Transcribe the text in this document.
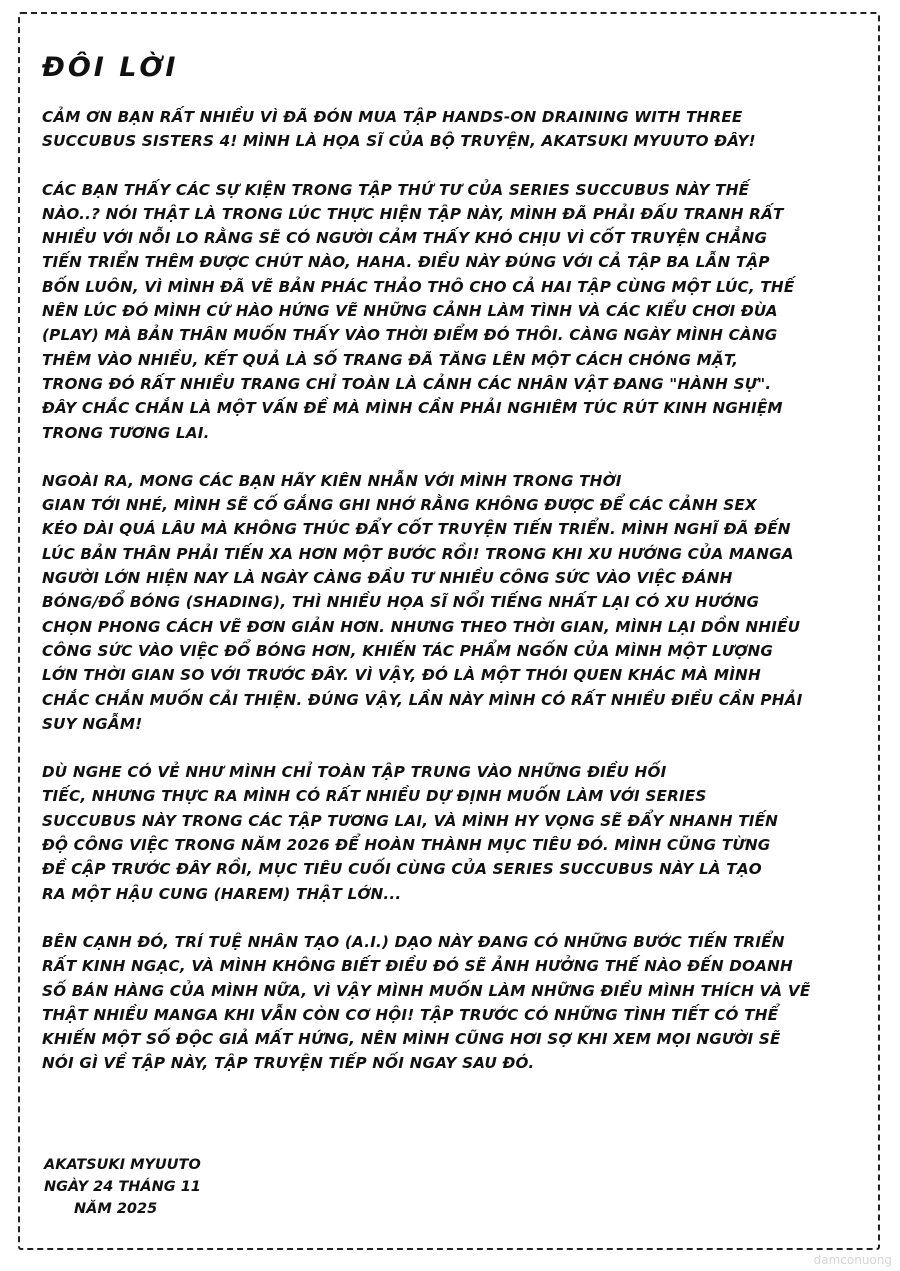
ĐÔI LỜI

CẢM ƠN BẠN RẤT NHIỀU VÌ ĐÃ ĐÓN MUA TẬP HANDS-ON DRAINING WITH THREE
SUCCUBUS SISTERS 4! MÌNH LÀ HỌA SĨ CỦA BỘ TRUYỆN, AKATSUKI MYUUTO ĐÂY!

CÁC BẠN THẤY CÁC SỰ KIỆN TRONG TẬP THỨ TƯ CỦA SERIES SUCCUBUS NÀY THẾ
NÀO..? NÓI THẬT LÀ TRONG LÚC THỰC HIỆN TẬP NÀY, MÌNH ĐÃ PHẢI ĐẤU TRANH RẤT
NHIỀU VỚI NỖI LO RẰNG SẼ CÓ NGƯỜI CẢM THẤY KHÓ CHỊU VÌ CỐT TRUYỆN CHẲNG
TIẾN TRIỂN THÊM ĐƯỢC CHÚT NÀO, HAHA. ĐIỀU NÀY ĐÚNG VỚI CẢ TẬP BA LẪN TẬP
BỐN LUÔN, VÌ MÌNH ĐÃ VẼ BẢN PHÁC THẢO THÔ CHO CẢ HAI TẬP CÙNG MỘT LÚC, THẾ
NÊN LÚC ĐÓ MÌNH CỨ HÀO HỨNG VẼ NHỮNG CẢNH LÀM TÌNH VÀ CÁC KIỂU CHƠI ĐÙA
(PLAY) MÀ BẢN THÂN MUỐN THẤY VÀO THỜI ĐIỂM ĐÓ THÔI. CÀNG NGÀY MÌNH CÀNG
THÊM VÀO NHIỀU, KẾT QUẢ LÀ SỐ TRANG ĐÃ TĂNG LÊN MỘT CÁCH CHÓNG MẶT,
TRONG ĐÓ RẤT NHIỀU TRANG CHỈ TOÀN LÀ CẢNH CÁC NHÂN VẬT ĐANG "HÀNH SỰ".
ĐÂY CHẮC CHẮN LÀ MỘT VẤN ĐỀ MÀ MÌNH CẦN PHẢI NGHIÊM TÚC RÚT KINH NGHIỆM
TRONG TƯƠNG LAI.

NGOÀI RA, MONG CÁC BẠN HÃY KIÊN NHẪN VỚI MÌNH TRONG THỜI
GIAN TỚI NHÉ, MÌNH SẼ CỐ GẮNG GHI NHỚ RẰNG KHÔNG ĐƯỢC ĐỂ CÁC CẢNH SEX
KÉO DÀI QUÁ LÂU MÀ KHÔNG THÚC ĐẨY CỐT TRUYỆN TIẾN TRIỂN. MÌNH NGHĨ ĐÃ ĐẾN
LÚC BẢN THÂN PHẢI TIẾN XA HƠN MỘT BƯỚC RỒI! TRONG KHI XU HƯỚNG CỦA MANGA
NGƯỜI LỚN HIỆN NAY LÀ NGÀY CÀNG ĐẦU TƯ NHIỀU CÔNG SỨC VÀO VIỆC ĐÁNH
BÓNG/ĐỔ BÓNG (SHADING), THÌ NHIỀU HỌA SĨ NỔI TIẾNG NHẤT LẠI CÓ XU HƯỚNG
CHỌN PHONG CÁCH VẼ ĐƠN GIẢN HƠN. NHƯNG THEO THỜI GIAN, MÌNH LẠI DỒN NHIỀU
CÔNG SỨC VÀO VIỆC ĐỔ BÓNG HƠN, KHIẾN TÁC PHẨM NGỐN CỦA MÌNH MỘT LƯỢNG
LỚN THỜI GIAN SO VỚI TRƯỚC ĐÂY. VÌ VẬY, ĐÓ LÀ MỘT THÓI QUEN KHÁC MÀ MÌNH
CHẮC CHẮN MUỐN CẢI THIỆN. ĐÚNG VẬY, LẦN NÀY MÌNH CÓ RẤT NHIỀU ĐIỀU CẦN PHẢI
SUY NGẪM!

DÙ NGHE CÓ VẺ NHƯ MÌNH CHỈ TOÀN TẬP TRUNG VÀO NHỮNG ĐIỀU HỐI
TIẾC, NHƯNG THỰC RA MÌNH CÓ RẤT NHIỀU DỰ ĐỊNH MUỐN LÀM VỚI SERIES
SUCCUBUS NÀY TRONG CÁC TẬP TƯƠNG LAI, VÀ MÌNH HY VỌNG SẼ ĐẨY NHANH TIẾN
ĐỘ CÔNG VIỆC TRONG NĂM 2026 ĐỂ HOÀN THÀNH MỤC TIÊU ĐÓ. MÌNH CŨNG TỪNG
ĐỀ CẬP TRƯỚC ĐÂY RỒI, MỤC TIÊU CUỐI CÙNG CỦA SERIES SUCCUBUS NÀY LÀ TẠO
RA MỘT HẬU CUNG (HAREM) THẬT LỚN...

BÊN CẠNH ĐÓ, TRÍ TUỆ NHÂN TẠO (A.I.) DẠO NÀY ĐANG CÓ NHỮNG BƯỚC TIẾN TRIỂN
RẤT KINH NGẠC, VÀ MÌNH KHÔNG BIẾT ĐIỀU ĐÓ SẼ ẢNH HƯỞNG THẾ NÀO ĐẾN DOANH
SỐ BÁN HÀNG CỦA MÌNH NỮA, VÌ VẬY MÌNH MUỐN LÀM NHỮNG ĐIỀU MÌNH THÍCH VÀ VẼ
THẬT NHIỀU MANGA KHI VẪN CÒN CƠ HỘI! TẬP TRƯỚC CÓ NHỮNG TÌNH TIẾT CÓ THỂ
KHIẾN MỘT SỐ ĐỘC GIẢ MẤT HỨNG, NÊN MÌNH CŨNG HƠI SỢ KHI XEM MỌI NGƯỜI SẼ
NÓI GÌ VỀ TẬP NÀY, TẬP TRUYỆN TIẾP NỐI NGAY SAU ĐÓ.

AKATSUKI MYUUTO
NGÀY 24 THÁNG 11
NĂM 2025
damconuong
